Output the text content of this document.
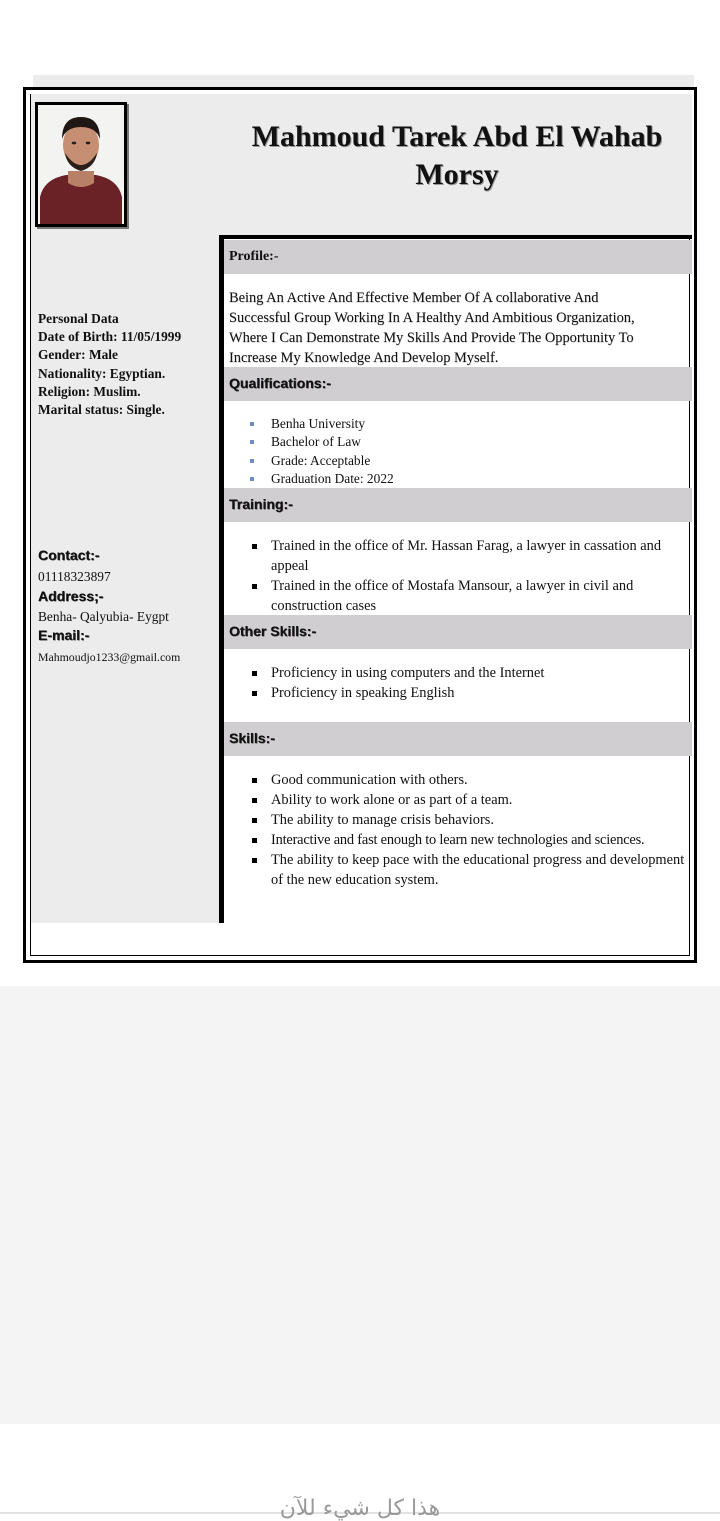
Mahmoud Tarek Abd El Wahab
Morsy
Personal Data
Date of Birth: 11/05/1999
Gender: Male
Nationality: Egyptian.
Religion: Muslim.
Marital status: Single.
Contact:-
01118323897
Address;-
Benha- Qalyubia- Eygpt
E-mail:-
Mahmoudjo1233@gmail.com
Profile:-
Being An Active And Effective Member Of A collaborative And
Successful Group Working In A Healthy And Ambitious Organization,
Where I Can Demonstrate My Skills And Provide The Opportunity To
Increase My Knowledge And Develop Myself.
Qualifications:-
Benha University
Bachelor of Law
Grade: Acceptable
Graduation Date: 2022
Training:-
Trained in the office of Mr. Hassan Farag, a lawyer in cassation and appeal
Trained in the office of Mostafa Mansour, a lawyer in civil and construction cases
Other Skills:-
Proficiency in using computers and the Internet
Proficiency in speaking English
Skills:-
Good communication with others.
Ability to work alone or as part of a team.
The ability to manage crisis behaviors.
Interactive and fast enough to learn new technologies and sciences.
The ability to keep pace with the educational progress and development of the new education system.
هذا كل شيء للآن
